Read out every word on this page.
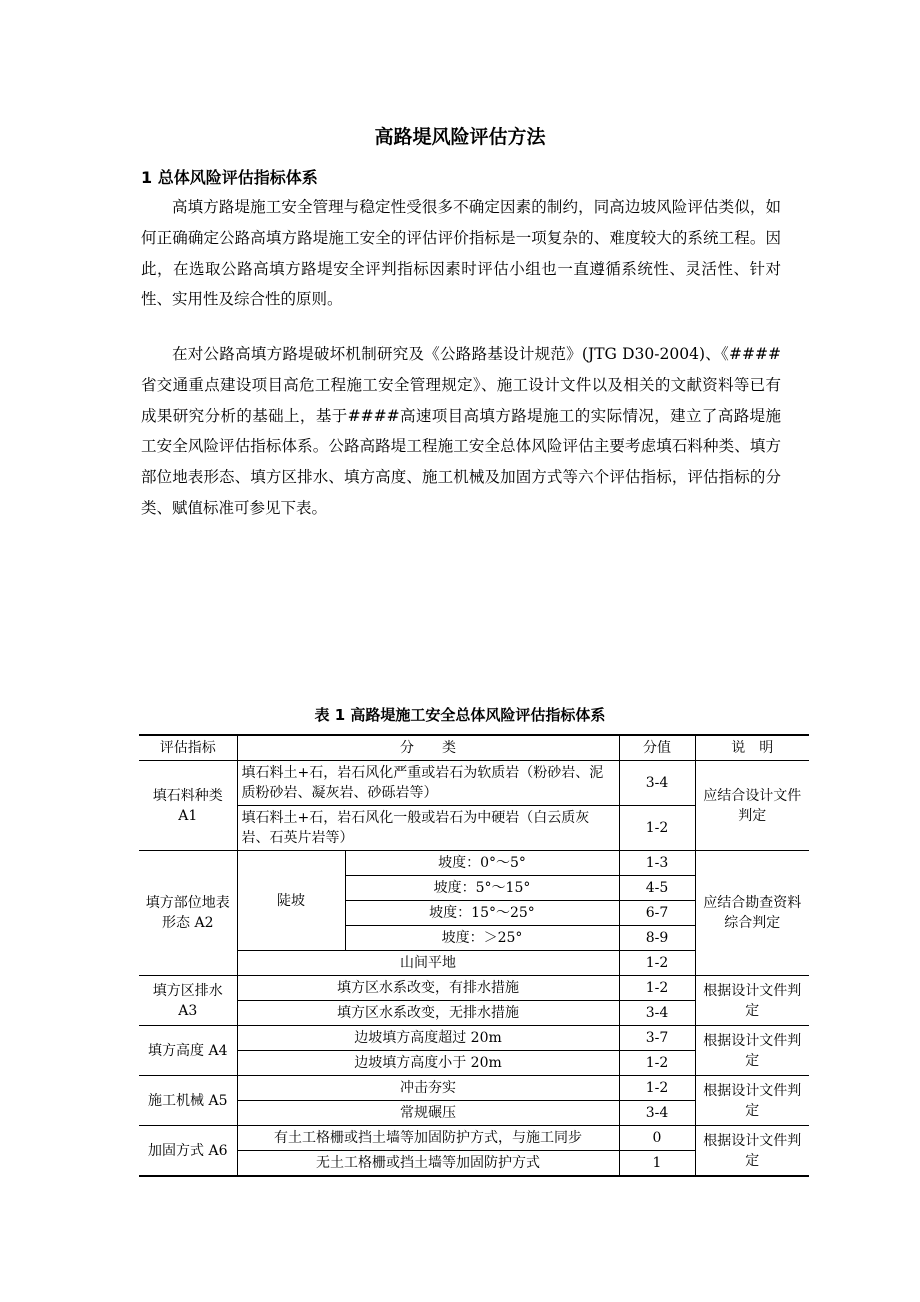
高路堤风险评估方法
1 总体风险评估指标体系

高填方路堤施工安全管理与稳定性受很多不确定因素的制约，同高边坡风险评估类似，如何正确确定公路高填方路堤施工安全的评估评价指标是一项复杂的、难度较大的系统工程。因此，在选取公路高填方路堤安全评判指标因素时评估小组也一直遵循系统性、灵活性、针对性、实用性及综合性的原则。

在对公路高填方路堤破坏机制研究及《公路路基设计规范》(JTG D30-2004)、《####省交通重点建设项目高危工程施工安全管理规定》、施工设计文件以及相关的文献资料等已有成果研究分析的基础上，基于####高速项目高填方路堤施工的实际情况，建立了高路堤施工安全风险评估指标体系。公路高路堤工程施工安全总体风险评估主要考虑填石料种类、填方部位地表形态、填方区排水、填方高度、施工机械及加固方式等六个评估指标，评估指标的分类、赋值标准可参见下表。

表 1 高路堤施工安全总体风险评估指标体系
评估指标	分　　类		分值	说　明
填石料种类 A1	填石料土+石，岩石风化严重或岩石为软质岩（粉砂岩、泥质粉砂岩、凝灰岩、砂砾岩等）		3-4	应结合设计文件判定
	填石料土+石，岩石风化一般或岩石为中硬岩（白云质灰岩、石英片岩等）		1-2	
填方部位地表形态 A2	陡坡	坡度：0°～5°	1-3	应结合勘查资料综合判定
		坡度：5°～15°	4-5	
		坡度：15°～25°	6-7	
		坡度：＞25°	8-9	
	山间平地		1-2	
填方区排水 A3	填方区水系改变，有排水措施		1-2	根据设计文件判定
	填方区水系改变，无排水措施		3-4	
填方高度 A4	边坡填方高度超过 20m		3-7	根据设计文件判定
	边坡填方高度小于 20m		1-2	
施工机械 A5	冲击夯实		1-2	根据设计文件判定
	常规碾压		3-4	
加固方式 A6	有土工格栅或挡土墙等加固防护方式，与施工同步		0	根据设计文件判定
	无土工格栅或挡土墙等加固防护方式		1	
